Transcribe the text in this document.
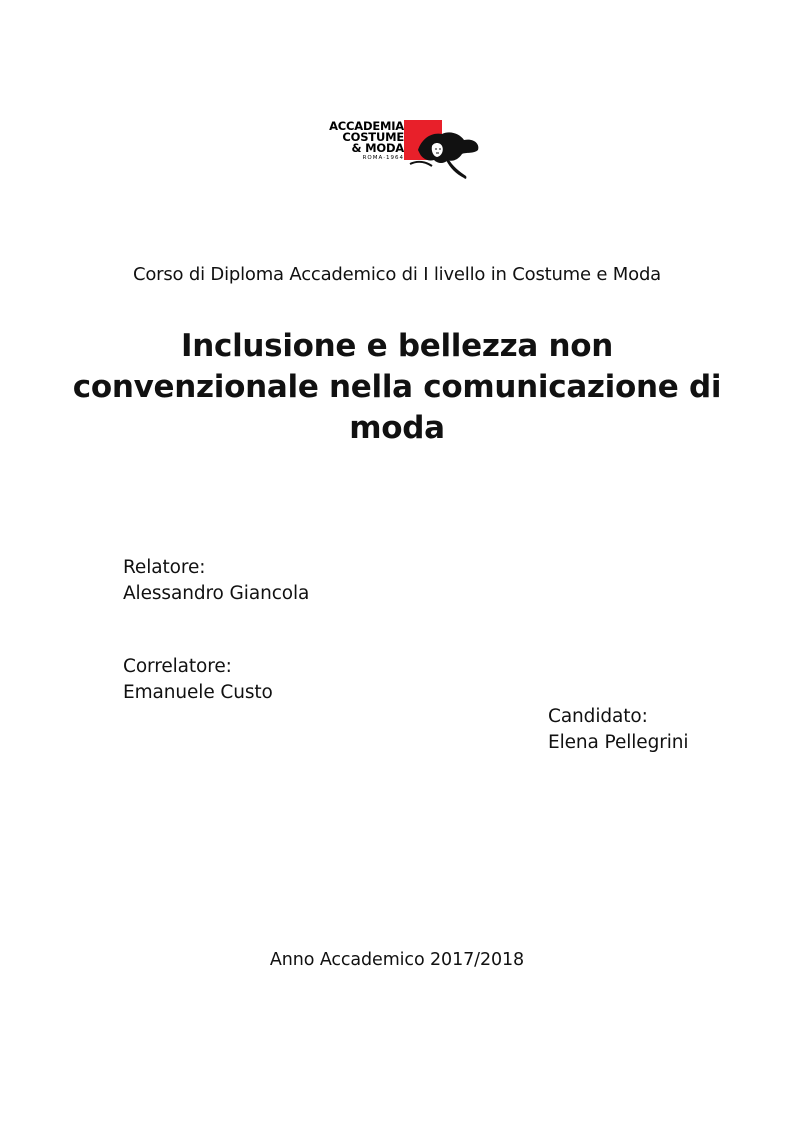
ACCADEMIA
COSTUME
& MODA
ROMA·1964
Corso di Diploma Accademico di I livello in Costume e Moda
Inclusione e bellezza non convenzionale nella comunicazione di moda
Relatore:
Alessandro Giancola
Correlatore:
Emanuele Custo
Candidato:
Elena Pellegrini
Anno Accademico 2017/2018
